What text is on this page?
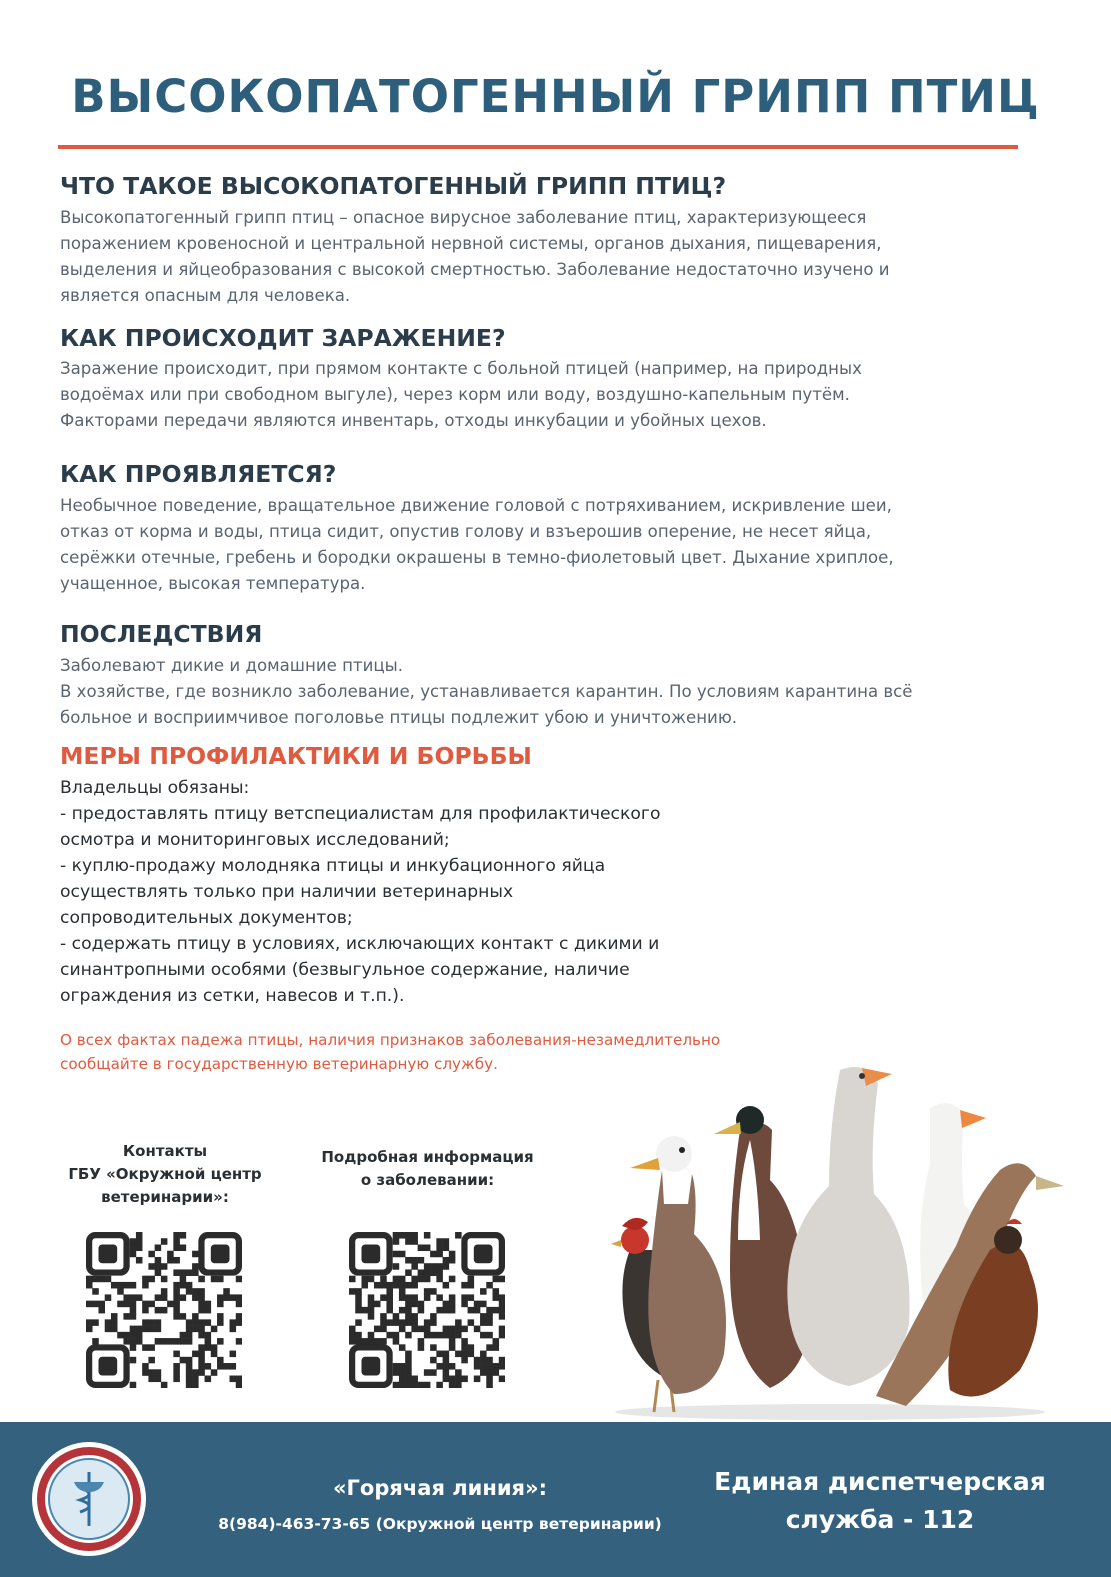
ВЫСОКОПАТОГЕННЫЙ ГРИПП ПТИЦ
ЧТО ТАКОЕ ВЫСОКОПАТОГЕННЫЙ ГРИПП ПТИЦ?
Высокопатогенный грипп птиц – опасное вирусное заболевание птиц, характеризующееся
поражением кровеносной и центральной нервной системы, органов дыхания, пищеварения,
выделения и яйцеобразования с высокой смертностью. Заболевание недостаточно изучено и
является опасным для человека.
КАК ПРОИСХОДИТ ЗАРАЖЕНИЕ?
Заражение происходит, при прямом контакте с больной птицей (например, на природных
водоёмах или при свободном выгуле), через корм или воду, воздушно-капельным путём.
Факторами передачи являются инвентарь, отходы инкубации и убойных цехов.
КАК ПРОЯВЛЯЕТСЯ?
Необычное поведение, вращательное движение головой с потряхиванием, искривление шеи,
отказ от корма и воды, птица сидит, опустив голову и взъерошив оперение, не несет яйца,
серёжки отечные, гребень и бородки окрашены в темно-фиолетовый цвет. Дыхание хриплое,
учащенное, высокая температура.
ПОСЛЕДСТВИЯ
Заболевают дикие и домашние птицы.
В хозяйстве, где возникло заболевание, устанавливается карантин. По условиям карантина всё
больное и восприимчивое поголовье птицы подлежит убою и уничтожению.
МЕРЫ ПРОФИЛАКТИКИ И БОРЬБЫ
Владельцы обязаны:
- предоставлять птицу ветспециалистам для профилактического
осмотра и мониторинговых исследований;
- куплю-продажу молодняка птицы и инкубационного яйца
осуществлять только при наличии ветеринарных
сопроводительных документов;
- содержать птицу в условиях, исключающих контакт с дикими и
синантропными особями (безвыгульное содержание, наличие
ограждения из сетки, навесов и т.п.).
О всех фактах падежа птицы, наличия признаков заболевания-незамедлительно
сообщайте в государственную ветеринарную службу.
Контакты
ГБУ «Окружной центр
ветеринарии»:
Подробная информация
о заболевании:
«Горячая линия»:
8(984)-463-73-65 (Окружной центр ветеринарии)
Единая диспетчерская
служба - 112
